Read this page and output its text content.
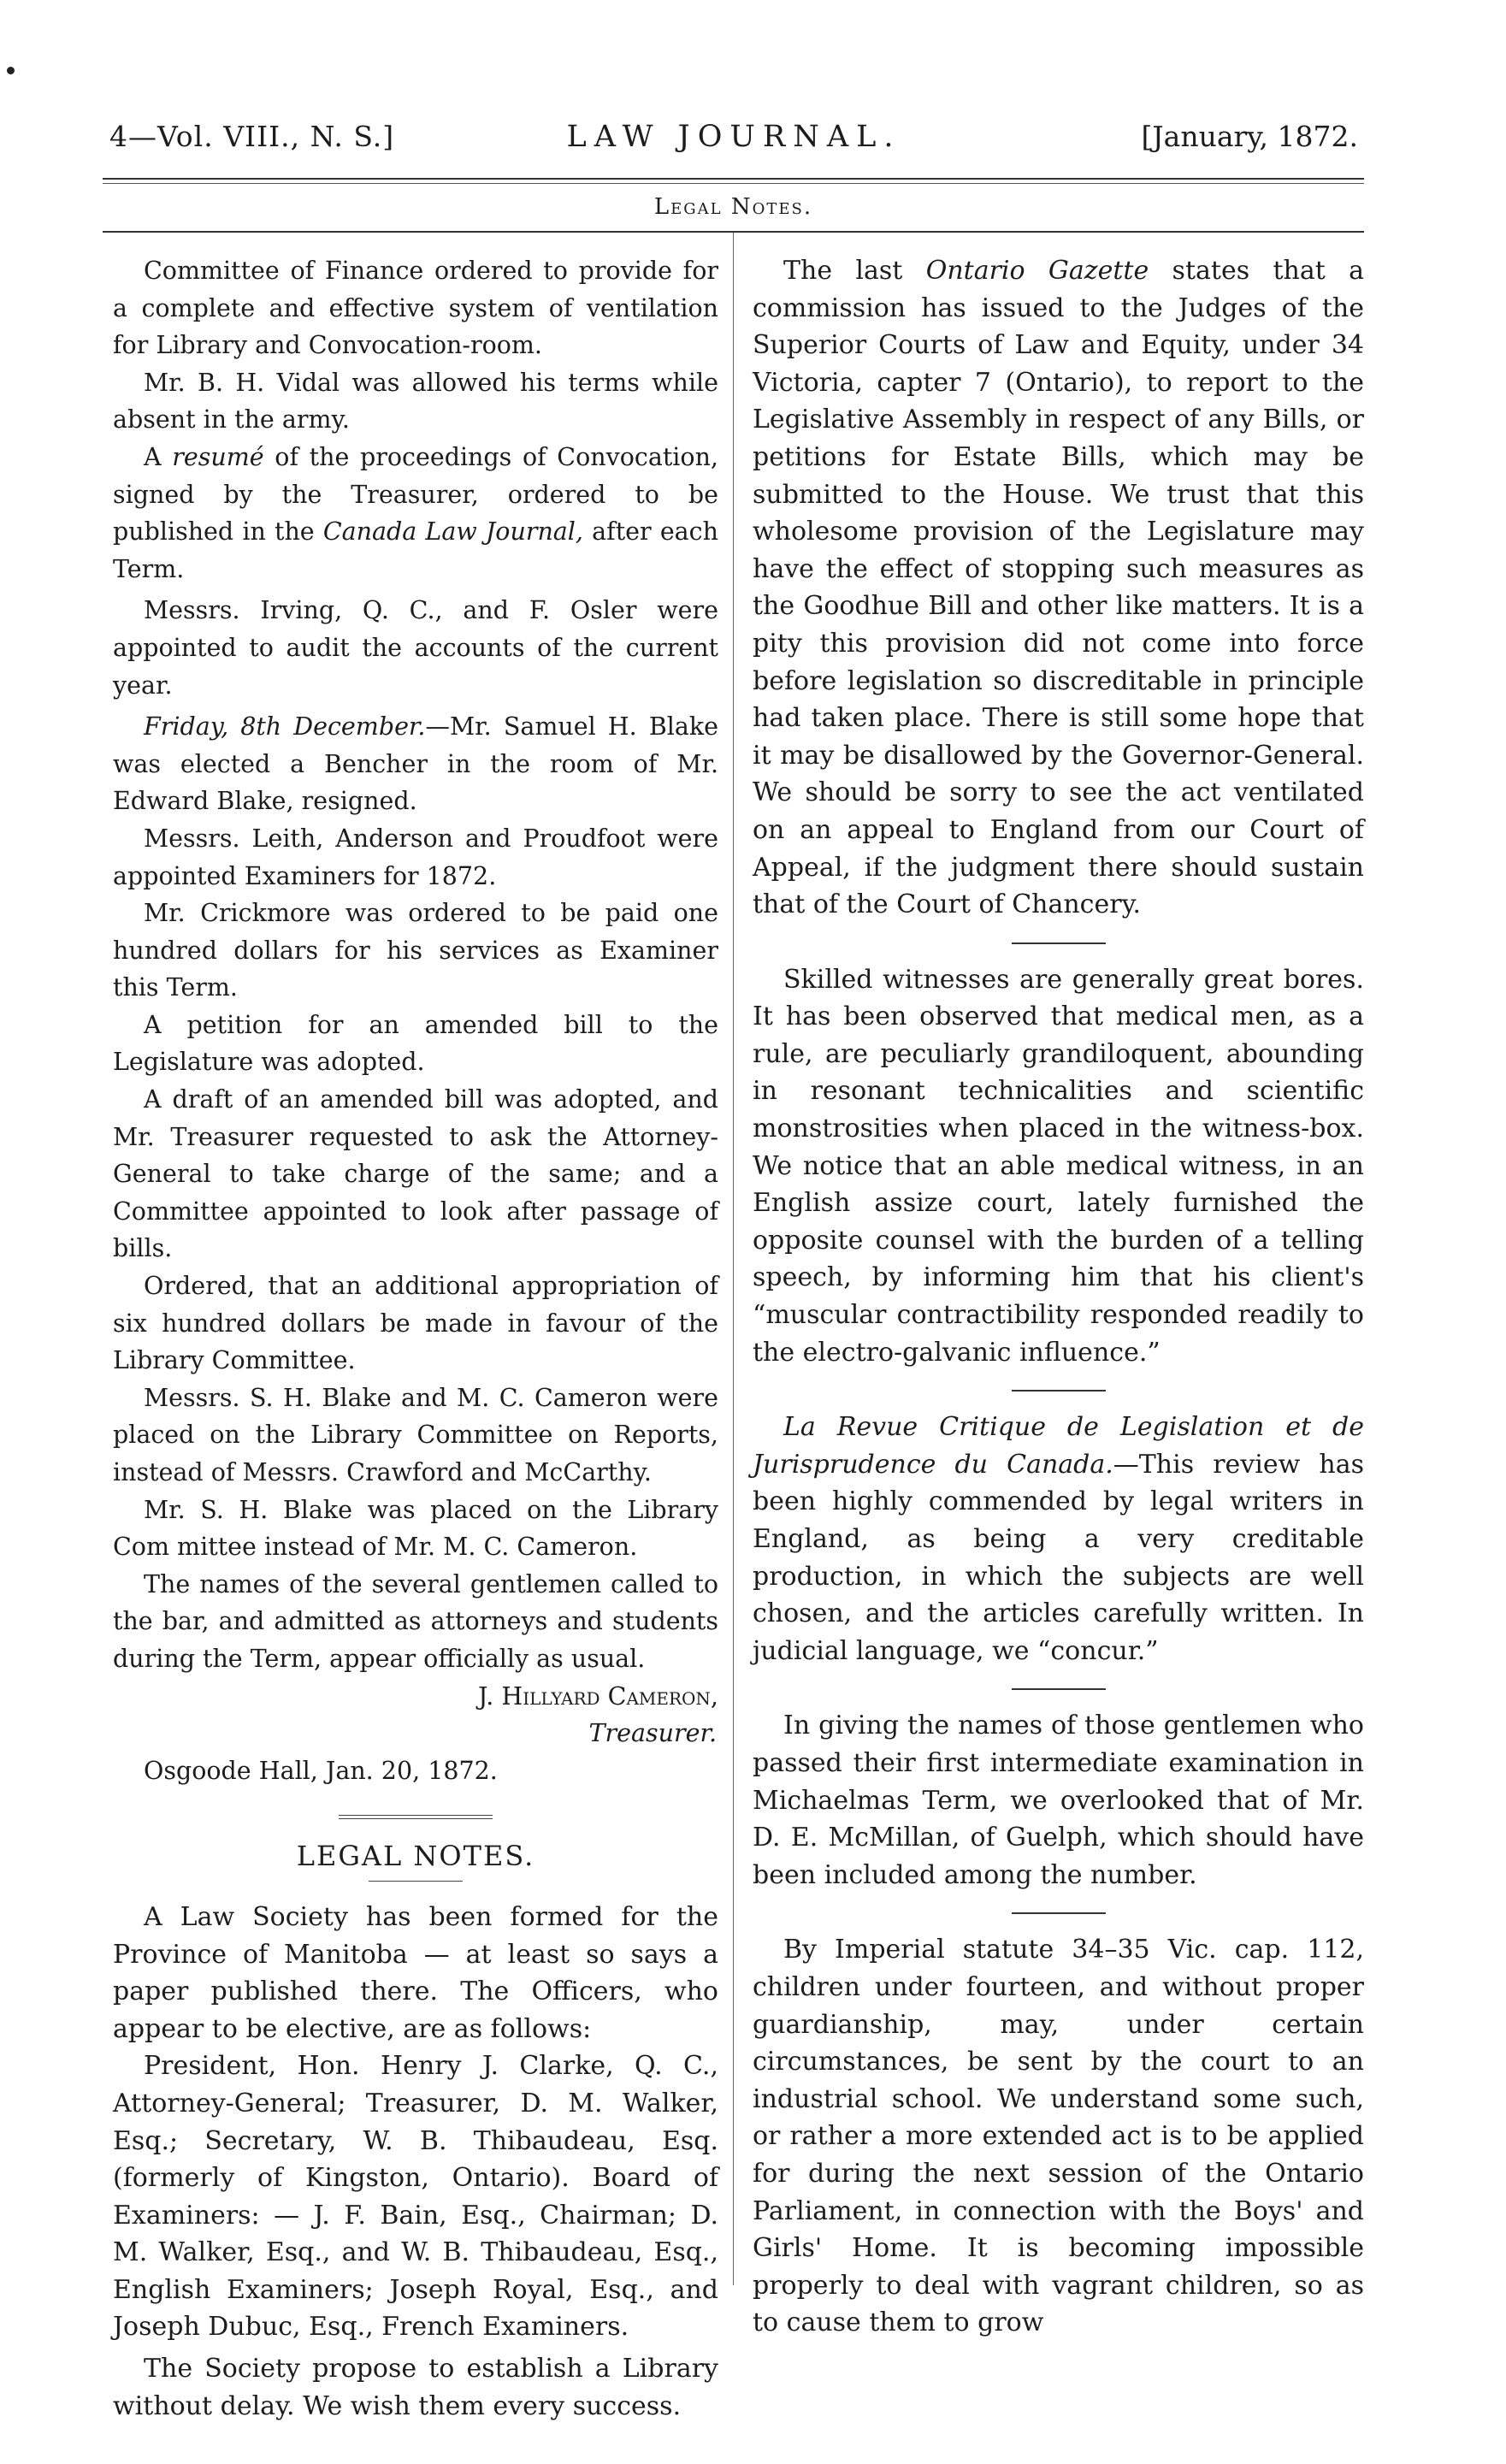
4—Vol. VIII., N. S.]	LAW JOURNAL.	[January, 1872.
Legal Notes.

Committee of Finance ordered to provide for a complete and effective system of ventilation for Library and Convocation-room.

Mr. B. H. Vidal was allowed his terms while absent in the army.

A resumé of the proceedings of Convocation, signed by the Treasurer, ordered to be published in the Canada Law Journal, after each Term.

Messrs. Irving, Q. C., and F. Osler were appointed to audit the accounts of the current year.

Friday, 8th December.—Mr. Samuel H. Blake was elected a Bencher in the room of Mr. Edward Blake, resigned.

Messrs. Leith, Anderson and Proudfoot were appointed Examiners for 1872.

Mr. Crickmore was ordered to be paid one hundred dollars for his services as Examiner this Term.

A petition for an amended bill to the Legislature was adopted.

A draft of an amended bill was adopted, and Mr. Treasurer requested to ask the Attorney-General to take charge of the same; and a Committee appointed to look after passage of bills.

Ordered, that an additional appropriation of six hundred dollars be made in favour of the Library Committee.

Messrs. S. H. Blake and M. C. Cameron were placed on the Library Committee on Reports, instead of Messrs. Crawford and McCarthy.

Mr. S. H. Blake was placed on the Library Com mittee instead of Mr. M. C. Cameron.

The names of the several gentlemen called to the bar, and admitted as attorneys and students during the Term, appear officially as usual.

J. Hillyard Cameron,

Treasurer.

Osgoode Hall, Jan. 20, 1872.

LEGAL NOTES.

A Law Society has been formed for the Province of Manitoba — at least so says a paper published there. The Officers, who appear to be elective, are as follows:

President, Hon. Henry J. Clarke, Q. C., Attorney-General; Treasurer, D. M. Walker, Esq.; Secretary, W. B. Thibaudeau, Esq. (formerly of Kingston, Ontario). Board of Examiners: — J. F. Bain, Esq., Chairman; D. M. Walker, Esq., and W. B. Thibaudeau, Esq., English Examiners; Joseph Royal, Esq., and Joseph Dubuc, Esq., French Examiners.

The Society propose to establish a Library without delay. We wish them every success.

The last Ontario Gazette states that a commission has issued to the Judges of the Superior Courts of Law and Equity, under 34 Victoria, capter 7 (Ontario), to report to the Legislative Assembly in respect of any Bills, or petitions for Estate Bills, which may be submitted to the House. We trust that this wholesome provision of the Legislature may have the effect of stopping such measures as the Goodhue Bill and other like matters. It is a pity this provision did not come into force before legislation so discreditable in principle had taken place. There is still some hope that it may be disallowed by the Governor-General. We should be sorry to see the act ventilated on an appeal to England from our Court of Appeal, if the judgment there should sustain that of the Court of Chancery.

Skilled witnesses are generally great bores. It has been observed that medical men, as a rule, are peculiarly grandiloquent, abounding in resonant technicalities and scientific monstrosities when placed in the witness-box. We notice that an able medical witness, in an English assize court, lately furnished the opposite counsel with the burden of a telling speech, by informing him that his client's “muscular contractibility responded readily to the electro-galvanic influence.”

La Revue Critique de Legislation et de Jurisprudence du Canada.—This review has been highly commended by legal writers in England, as being a very creditable production, in which the subjects are well chosen, and the articles carefully written. In judicial language, we “concur.”

In giving the names of those gentlemen who passed their first intermediate examination in Michaelmas Term, we overlooked that of Mr. D. E. McMillan, of Guelph, which should have been included among the number.

By Imperial statute 34–35 Vic. cap. 112, children under fourteen, and without proper guardianship, may, under certain circumstances, be sent by the court to an industrial school. We understand some such, or rather a more extended act is to be applied for during the next session of the Ontario Parliament, in connection with the Boys' and Girls' Home. It is becoming impossible properly to deal with vagrant children, so as to cause them to grow
